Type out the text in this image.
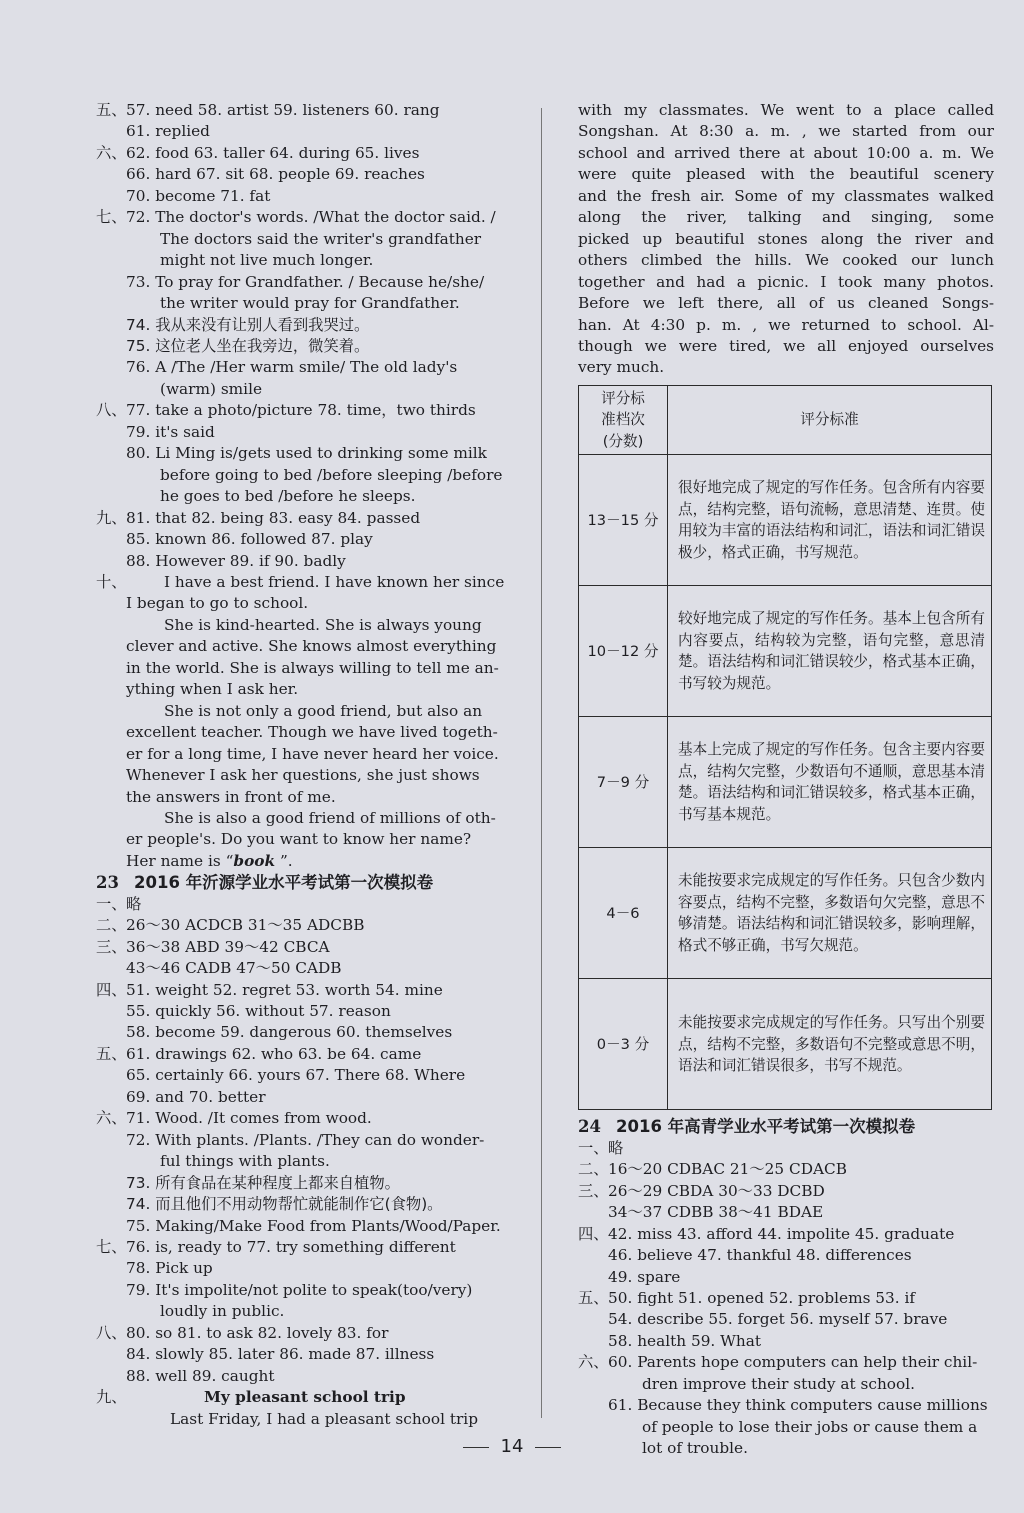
五、 57. need 58. artist 59. listeners 60. rang
61. replied
六、 62. food 63. taller 64. during 65. lives
66. hard 67. sit 68. people 69. reaches
70. become 71. fat
七、 72. The doctor's words. /What the doctor said. /
The doctors said the writer's grandfather
might not live much longer.
73. To pray for Grandfather. / Because he/she/
the writer would pray for Grandfather.
74. 我从来没有让别人看到我哭过。
75. 这位老人坐在我旁边，微笑着。
76. A /The /Her warm smile/ The old lady's
(warm) smile
八、 77. take a photo/picture 78. time，two thirds
79. it's said
80. Li Ming is/gets used to drinking some milk
before going to bed /before sleeping /before
he goes to bed /before he sleeps.
九、 81. that 82. being 83. easy 84. passed
85. known 86. followed 87. play
88. However 89. if 90. badly
十、	I have a best friend. I have known her since
I began to go to school.
She is kind-hearted. She is always young
clever and active. She knows almost everything
in the world. She is always willing to tell me an-
ything when I ask her.
She is not only a good friend, but also an
excellent teacher. Though we have lived togeth-
er for a long time, I have never heard her voice.
Whenever I ask her questions, she just shows
the answers in front of me.
She is also a good friend of millions of oth-
er people's. Do you want to know her name?
Her name is “book ”.
23 2016 年沂源学业水平考试第一次模拟卷
一、 略
二、 26～30 ACDCB 31～35 ADCBB
三、 36～38 ABD 39～42 CBCA
43～46 CADB 47～50 CADB
四、 51. weight 52. regret 53. worth 54. mine
55. quickly 56. without 57. reason
58. become 59. dangerous 60. themselves
五、 61. drawings 62. who 63. be 64. came
65. certainly 66. yours 67. There 68. Where
69. and 70. better
六、 71. Wood. /It comes from wood.
72. With plants. /Plants. /They can do wonder-
ful things with plants.
73. 所有食品在某种程度上都来自植物。
74. 而且他们不用动物帮忙就能制作它(食物)。
75. Making/Make Food from Plants/Wood/Paper.
七、 76. is, ready to 77. try something different
78. Pick up
79. It's impolite/not polite to speak(too/very)
loudly in public.
八、 80. so 81. to ask 82. lovely 83. for
84. slowly 85. later 86. made 87. illness
88. well 89. caught
九、	My pleasant school trip
Last Friday, I had a pleasant school trip
with my classmates. We went to a place called
Songshan. At 8:30 a. m. , we started from our
school and arrived there at about 10:00 a. m. We
were quite pleased with the beautiful scenery
and the fresh air. Some of my classmates walked
along the river, talking and singing, some
picked up beautiful stones along the river and
others climbed the hills. We cooked our lunch
together and had a picnic. I took many photos.
Before we left there, all of us cleaned Songs-
han. At 4:30 p. m. , we returned to school. Al-
though we were tired, we all enjoyed ourselves
very much.
评分标
准档次
(分数)	评分标准
13－15 分	很好地完成了规定的写作任务。包含所有内容要点，结构完整，语句流畅，意思清楚、连贯。使用较为丰富的语法结构和词汇，语法和词汇错误极少，格式正确，书写规范。
10－12 分	较好地完成了规定的写作任务。基本上包含所有内容要点，结构较为完整，语句完整，意思清楚。语法结构和词汇错误较少，格式基本正确，书写较为规范。
7－9 分	基本上完成了规定的写作任务。包含主要内容要点，结构欠完整，少数语句不通顺，意思基本清楚。语法结构和词汇错误较多，格式基本正确，书写基本规范。
4－6	未能按要求完成规定的写作任务。只包含少数内容要点，结构不完整，多数语句欠完整，意思不够清楚。语法结构和词汇错误较多，影响理解，格式不够正确，书写欠规范。
0－3 分	未能按要求完成规定的写作任务。只写出个别要点，结构不完整，多数语句不完整或意思不明，语法和词汇错误很多，书写不规范。
24 2016 年高青学业水平考试第一次模拟卷
一、 略
二、 16～20 CDBAC 21～25 CDACB
三、 26～29 CBDA 30～33 DCBD
34～37 CDBB 38～41 BDAE
四、 42. miss 43. afford 44. impolite 45. graduate
46. believe 47. thankful 48. differences
49. spare
五、 50. fight 51. opened 52. problems 53. if
54. describe 55. forget 56. myself 57. brave
58. health 59. What
六、 60. Parents hope computers can help their chil-
dren improve their study at school.
61. Because they think computers cause millions
of people to lose their jobs or cause them a
lot of trouble.
14
